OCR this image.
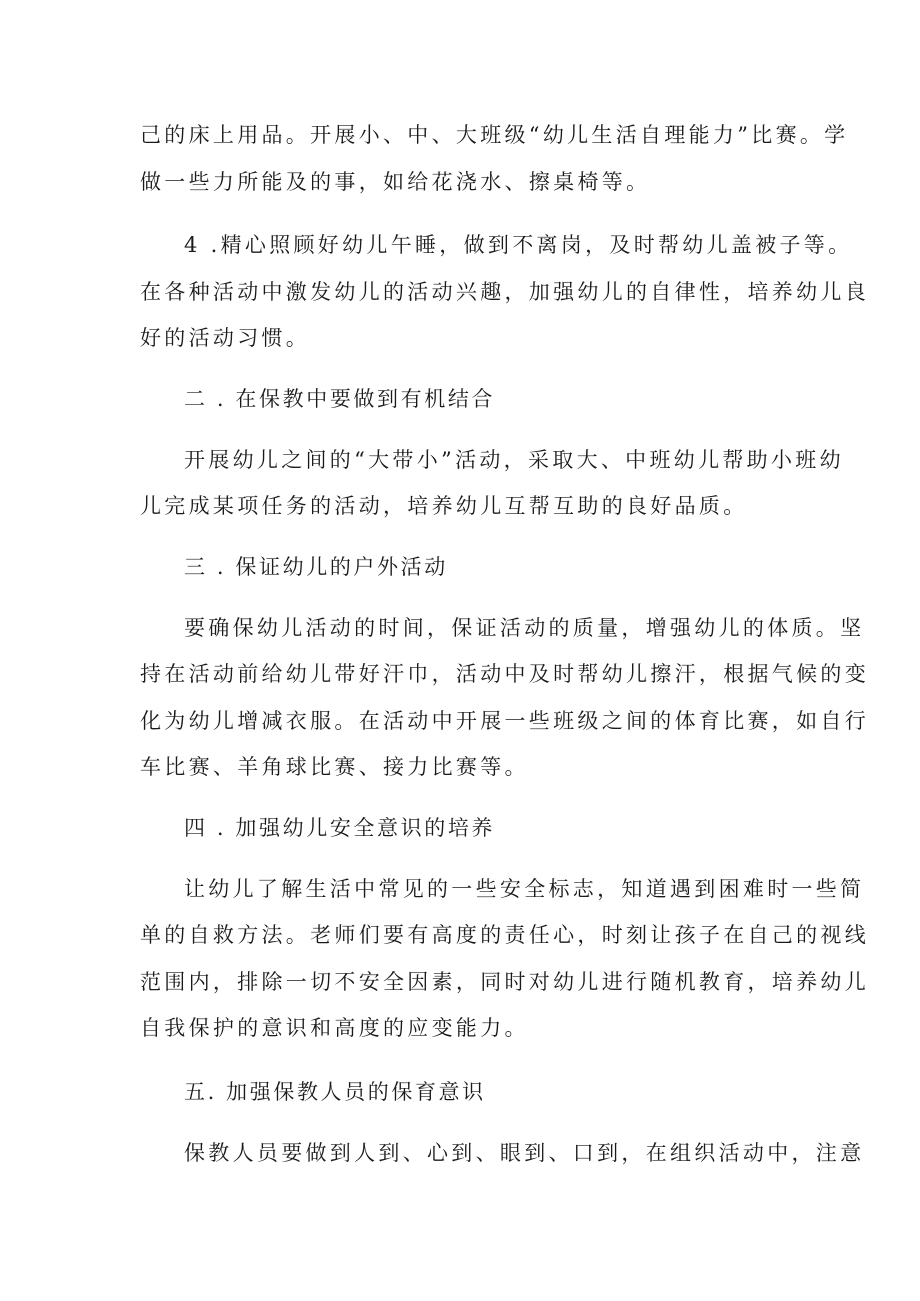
己的床上用品。开展小、中、大班级“幼儿生活自理能力”比赛。学
做一些力所能及的事，如给花浇水、擦桌椅等。
4 .精心照顾好幼儿午睡，做到不离岗，及时帮幼儿盖被子等。
在各种活动中激发幼儿的活动兴趣，加强幼儿的自律性，培养幼儿良
好的活动习惯。
二 . 在保教中要做到有机结合
开展幼儿之间的“大带小”活动，采取大、中班幼儿帮助小班幼
儿完成某项任务的活动，培养幼儿互帮互助的良好品质。
三 . 保证幼儿的户外活动
要确保幼儿活动的时间，保证活动的质量，增强幼儿的体质。坚
持在活动前给幼儿带好汗巾，活动中及时帮幼儿擦汗，根据气候的变
化为幼儿增减衣服。在活动中开展一些班级之间的体育比赛，如自行
车比赛、羊角球比赛、接力比赛等。
四 . 加强幼儿安全意识的培养
让幼儿了解生活中常见的一些安全标志，知道遇到困难时一些简
单的自救方法。老师们要有高度的责任心，时刻让孩子在自己的视线
范围内，排除一切不安全因素，同时对幼儿进行随机教育，培养幼儿
自我保护的意识和高度的应变能力。
五. 加强保教人员的保育意识
保教人员要做到人到、心到、眼到、口到，在组织活动中，注意
